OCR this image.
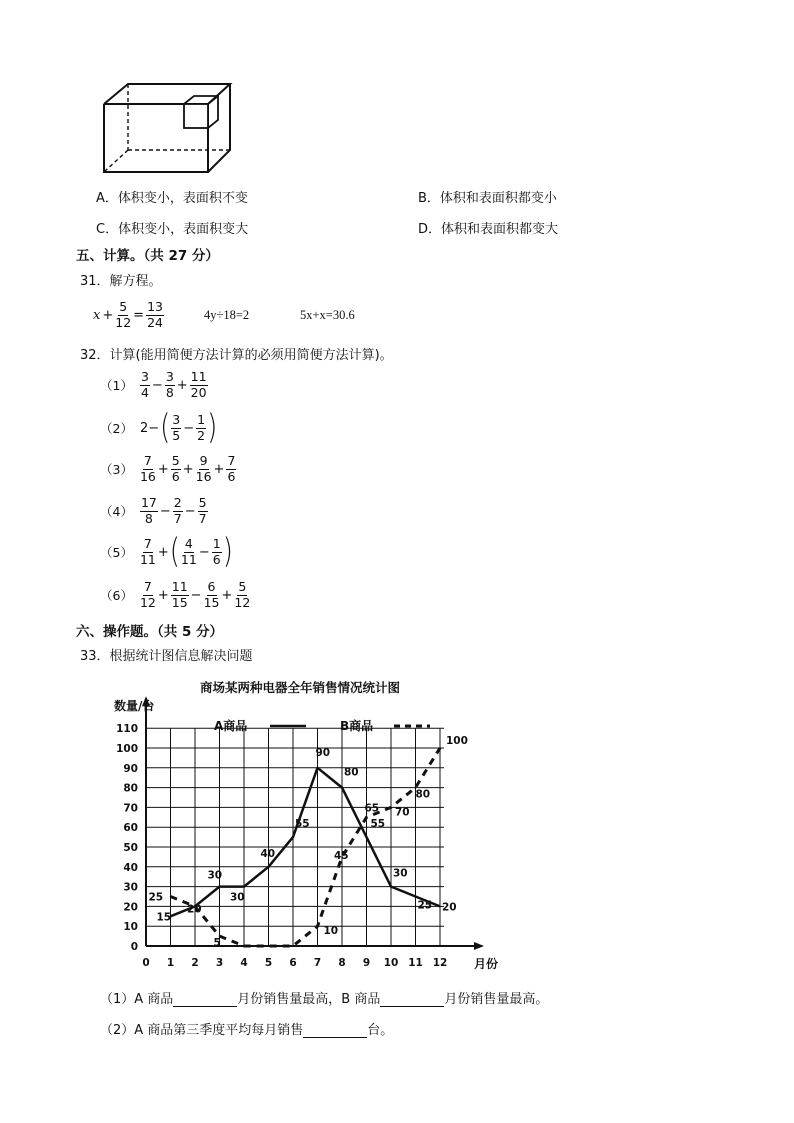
A．体积变小，表面积不变	B．体积和表面积都变小
C．体积变小，表面积变大	D．体积和表面积都变大
五、计算。（共 27 分）
31．解方程。
$x + \frac{5}{12} = \frac{13}{24}$	4y÷18=2	5x+x=30.6
32．计算(能用简便方法计算的必须用简便方法计算)。
$(1) \frac{3}{4} - \frac{3}{8} + \frac{11}{20}$
（2） 2− ( $\frac{3}{5} - \frac{1}{2}$ )
$(3) \frac{7}{16} + \frac{5}{6} + \frac{9}{16} + \frac{7}{6}$
$(4) \frac{17}{8} - \frac{2}{7} - \frac{5}{7}$
$(5) \frac{7}{11}$ + ( $\frac{4}{11} - \frac{1}{6}$ )
$(6) \frac{7}{12} + \frac{11}{15} - \frac{6}{15} + \frac{5}{12}$
六、操作题。（共 5 分）
33．根据统计图信息解决问题
0
10
20
30
40
50
60
70
80
90
100
110
0 1 2 3 4 5 6 7 8 9 10 11 12
商场某两种电器全年销售情况统计图
数量/台
月份
A商品	B商品
15
20
30
30
40
55
90
80
55
30
25 20
25
5
10
45
65 70
80
100
（1）A 商品	月份销售量最高，B 商品	月份销售量最高。
（2）A 商品第三季度平均每月销售	台。
